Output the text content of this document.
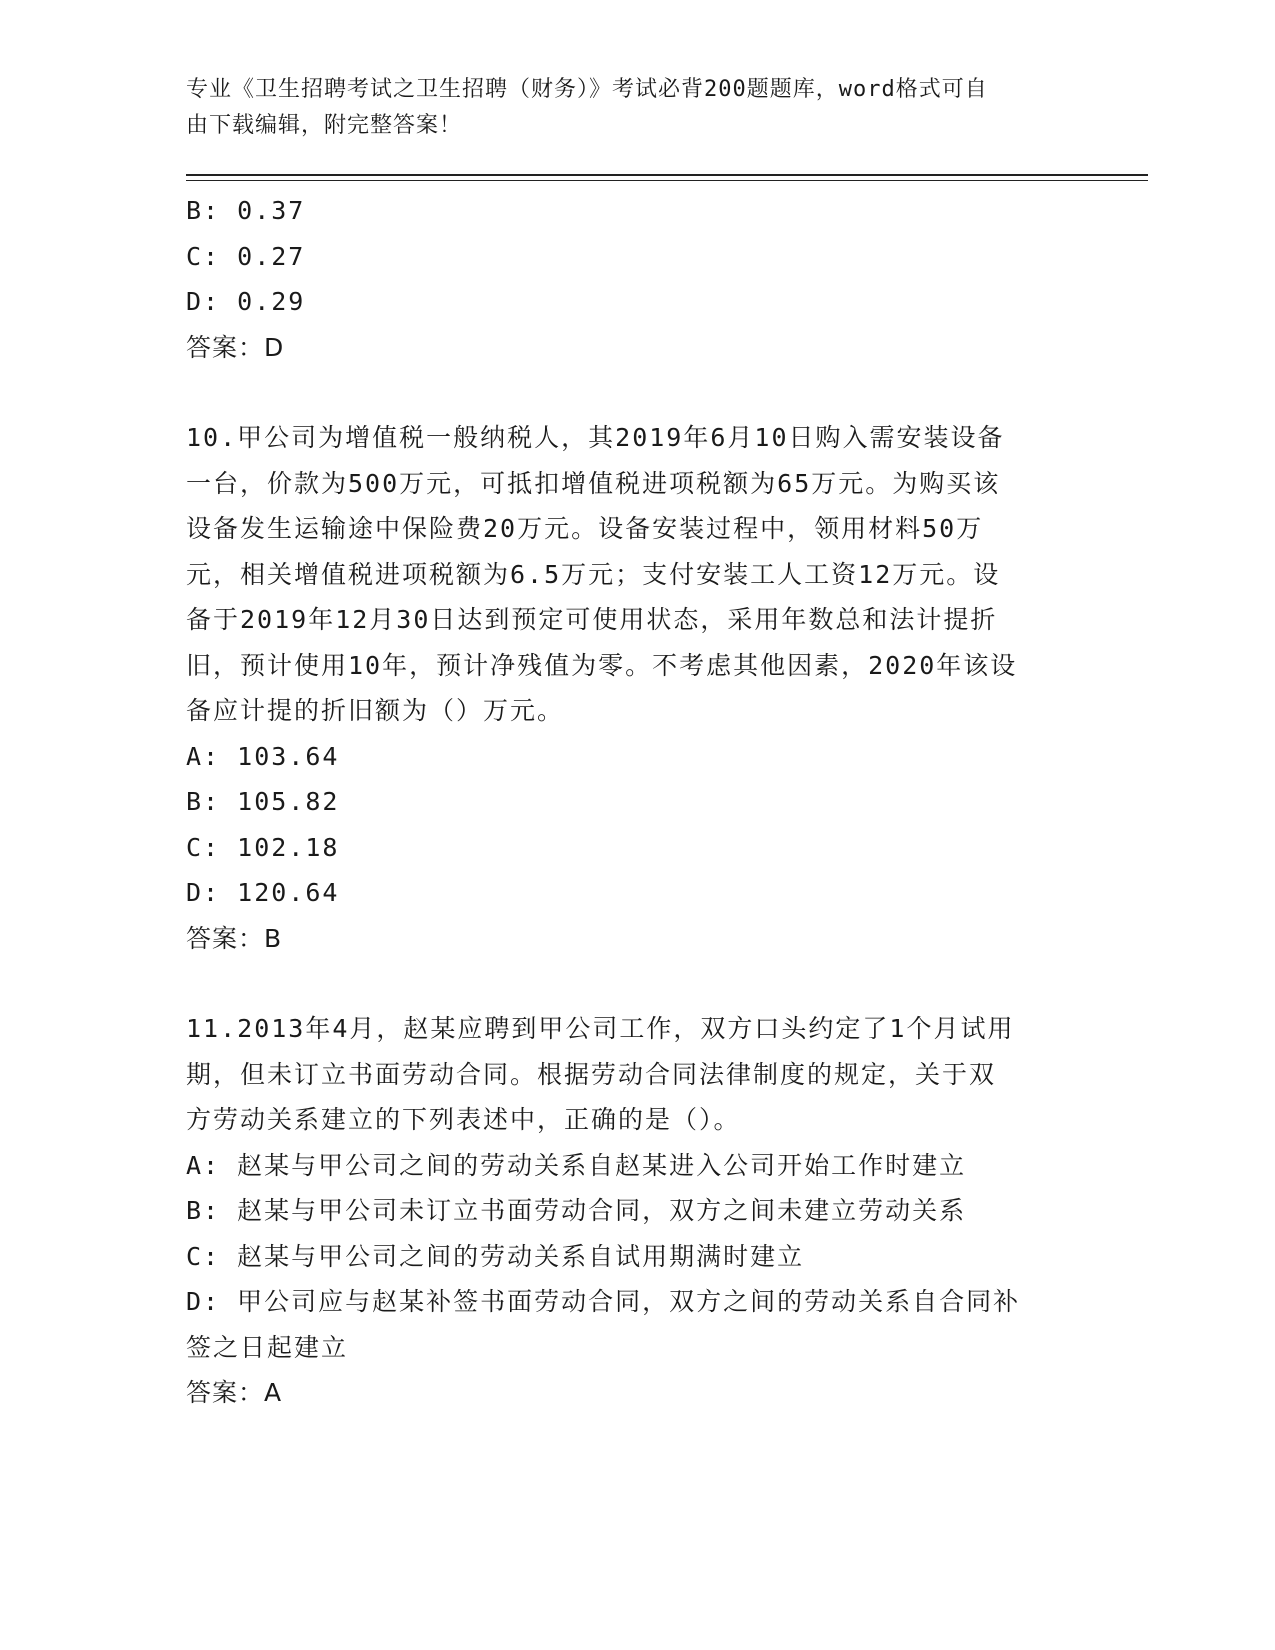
专业《卫生招聘考试之卫生招聘（财务）》考试必背200题题库，word格式可自
由下载编辑，附完整答案！
B: 0.37
C: 0.27
D: 0.29
答案：D
10.甲公司为增值税一般纳税人，其2019年6月10日购入需安装设备
一台，价款为500万元，可抵扣增值税进项税额为65万元。为购买该
设备发生运输途中保险费20万元。设备安装过程中，领用材料50万
元，相关增值税进项税额为6.5万元；支付安装工人工资12万元。设
备于2019年12月30日达到预定可使用状态，采用年数总和法计提折
旧，预计使用10年，预计净残值为零。不考虑其他因素，2020年该设
备应计提的折旧额为（）万元。
A: 103.64
B: 105.82
C: 102.18
D: 120.64
答案：B
11.2013年4月，赵某应聘到甲公司工作，双方口头约定了1个月试用
期，但未订立书面劳动合同。根据劳动合同法律制度的规定，关于双
方劳动关系建立的下列表述中，正确的是（）。
A: 赵某与甲公司之间的劳动关系自赵某进入公司开始工作时建立
B: 赵某与甲公司未订立书面劳动合同，双方之间未建立劳动关系
C: 赵某与甲公司之间的劳动关系自试用期满时建立
D: 甲公司应与赵某补签书面劳动合同，双方之间的劳动关系自合同补
签之日起建立
答案：A
